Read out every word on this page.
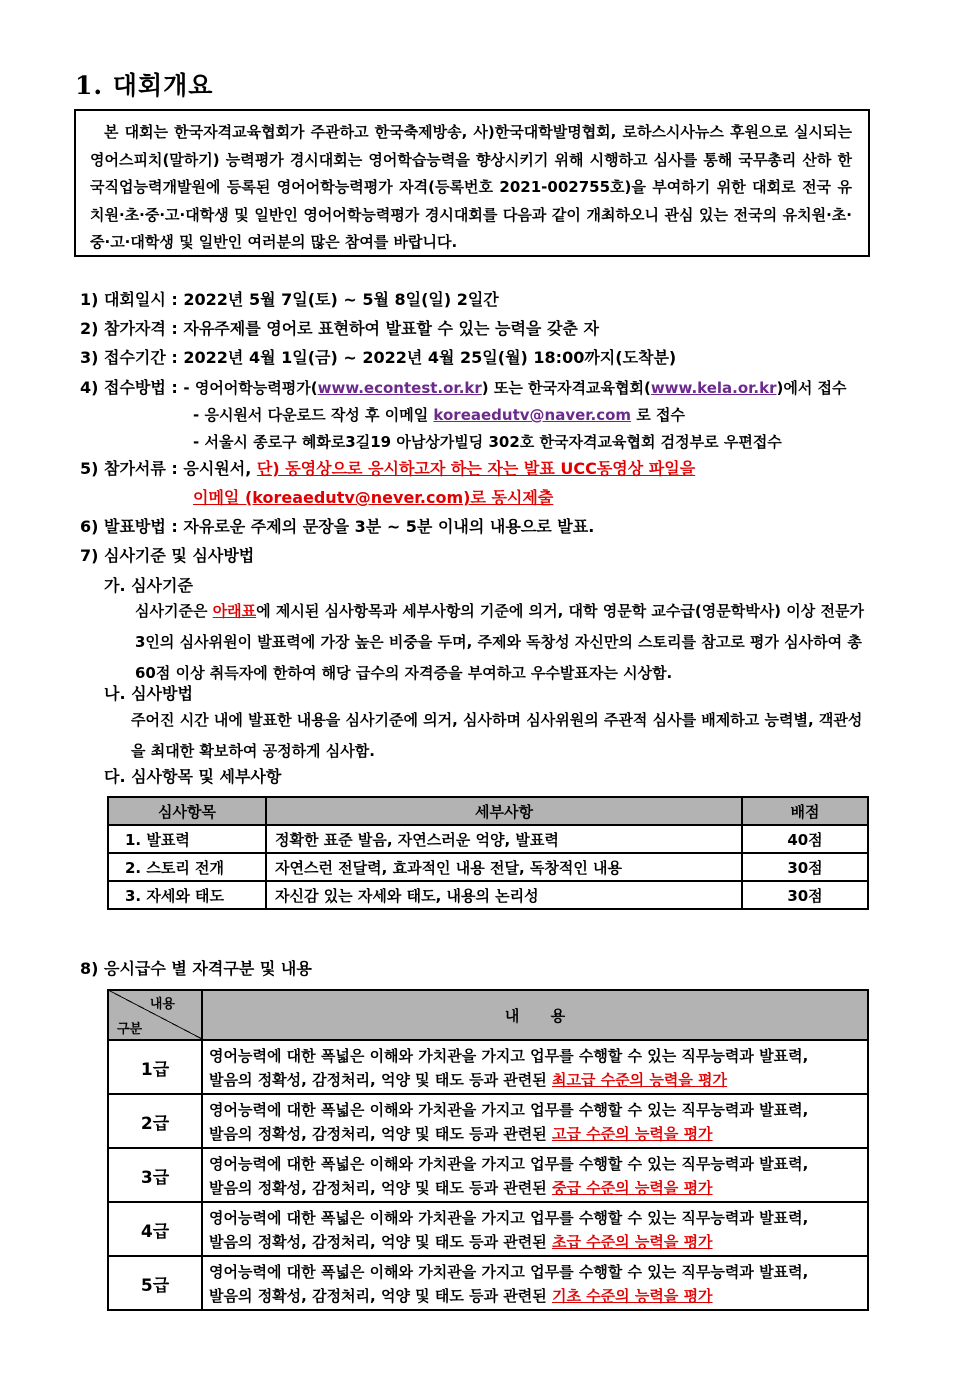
1. 대회개요

본 대회는 한국자격교육협회가 주관하고 한국축제방송, 사)한국대학발명협회, 로하스시사뉴스 후원으로 실시되는 영어스피치(말하기) 능력평가 경시대회는 영어학습능력을 향상시키기 위해 시행하고 심사를 통해 국무총리 산하 한국직업능력개발원에 등록된 영어어학능력평가 자격(등록번호 2021-002755호)을 부여하기 위한 대회로 전국 유치원·초·중·고·대학생 및 일반인 영어어학능력평가 경시대회를 다음과 같이 개최하오니 관심 있는 전국의 유치원·초·중·고·대학생 및 일반인 여러분의 많은 참여를 바랍니다.

1) 대회일시 : 2022년 5월 7일(토) ~ 5월 8일(일) 2일간
2) 참가자격 : 자유주제를 영어로 표현하여 발표할 수 있는 능력을 갖춘 자
3) 접수기간 : 2022년 4월 1일(금) ~ 2022년 4월 25일(월) 18:00까지(도착분)
4) 접수방법 : - 영어어학능력평가(www.econtest.or.kr) 또는 한국자격교육협회(www.kela.or.kr)에서 접수
- 응시원서 다운로드 작성 후 이메일 koreaedutv@naver.com 로 접수
- 서울시 종로구 혜화로3길19 아남상가빌딩 302호 한국자격교육협회 검정부로 우편접수
5) 참가서류 : 응시원서, 단) 동영상으로 응시하고자 하는 자는 발표 UCC동영상 파일을
이메일 (koreaedutv@never.com)로 동시제출
6) 발표방법 : 자유로운 주제의 문장을 3분 ~ 5분 이내의 내용으로 발표.
7) 심사기준 및 심사방법
가. 심사기준
심사기준은 아래표에 제시된 심사항목과 세부사항의 기준에 의거, 대학 영문학 교수급(영문학박사) 이상 전문가 3인의 심사위원이 발표력에 가장 높은 비중을 두며, 주제와 독창성 자신만의 스토리를 참고로 평가 심사하여 총 60점 이상 취득자에 한하여 해당 급수의 자격증을 부여하고 우수발표자는 시상함.
나. 심사방법
주어진 시간 내에 발표한 내용을 심사기준에 의거, 심사하며 심사위원의 주관적 심사를 배제하고 능력별, 객관성을 최대한 확보하여 공정하게 심사함.
다. 심사항목 및 세부사항
심사항목	세부사항	배점
1. 발표력	정확한 표준 발음, 자연스러운 억양, 발표력	40점
2. 스토리 전개	자연스런 전달력, 효과적인 내용 전달, 독창적인 내용	30점
3. 자세와 태도	자신감 있는 자세와 태도, 내용의 논리성	30점
8) 응시급수 별 자격구분 및 내용
내용
구분	내      용
1급	영어능력에 대한 폭넓은 이해와 가치관을 가지고 업무를 수행할 수 있는 직무능력과 발표력,
발음의 정확성, 감정처리, 억양 및 태도 등과 관련된 최고급 수준의 능력을 평가

2급	영어능력에 대한 폭넓은 이해와 가치관을 가지고 업무를 수행할 수 있는 직무능력과 발표력,
발음의 정확성, 감정처리, 억양 및 태도 등과 관련된 고급 수준의 능력을 평가

3급	영어능력에 대한 폭넓은 이해와 가치관을 가지고 업무를 수행할 수 있는 직무능력과 발표력,
발음의 정확성, 감정처리, 억양 및 태도 등과 관련된 중급 수준의 능력을 평가

4급	영어능력에 대한 폭넓은 이해와 가치관을 가지고 업무를 수행할 수 있는 직무능력과 발표력,
발음의 정확성, 감정처리, 억양 및 태도 등과 관련된 초급 수준의 능력을 평가

5급	영어능력에 대한 폭넓은 이해와 가치관을 가지고 업무를 수행할 수 있는 직무능력과 발표력,
발음의 정확성, 감정처리, 억양 및 태도 등과 관련된 기초 수준의 능력을 평가
